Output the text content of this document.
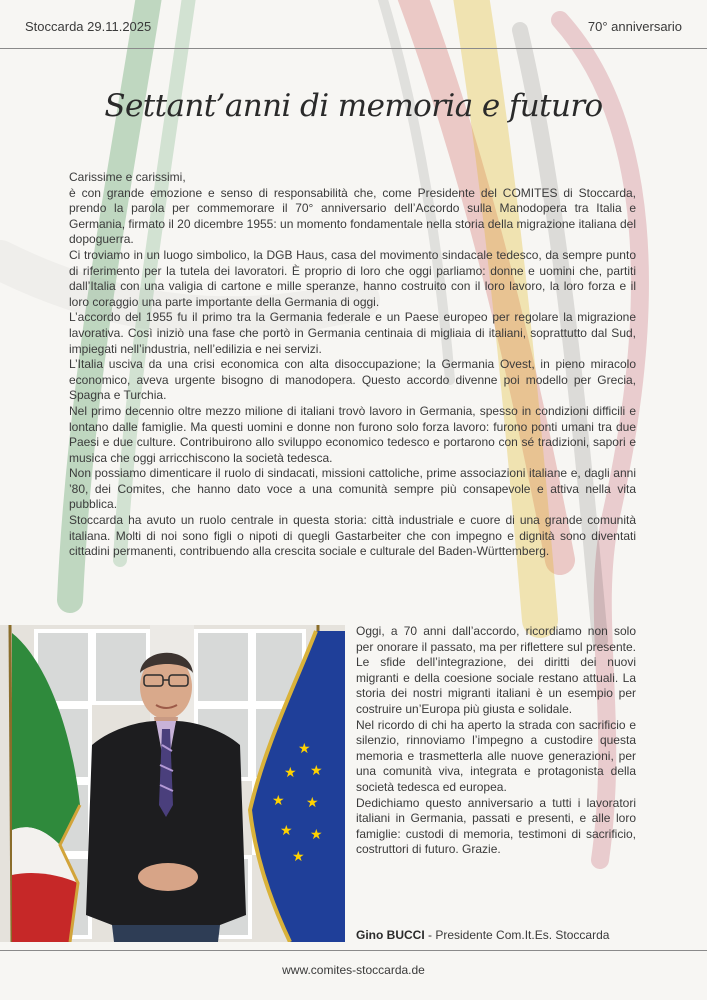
Stoccarda 29.11.2025	70° anniversario
Settant’anni di memoria e futuro

Carissime e carissimi,

è con grande emozione e senso di responsabilità che, come Presidente del COMITES di Stoccarda, prendo la parola per commemorare il 70° anniversario dell’Accordo sulla Manodopera tra Italia e Germania, firmato il 20 dicembre 1955: un momento fondamentale nella storia della migrazione italiana del dopoguerra.

Ci troviamo in un luogo simbolico, la DGB Haus, casa del movimento sindacale tedesco, da sempre punto di riferimento per la tutela dei lavoratori. È proprio di loro che oggi parliamo: donne e uomini che, partiti dall’Italia con una valigia di cartone e mille speranze, hanno costruito con il loro lavoro, la loro forza e il loro coraggio una parte importante della Germania di oggi.

L’accordo del 1955 fu il primo tra la Germania federale e un Paese europeo per regolare la migrazione lavorativa. Così iniziò una fase che portò in Germania centinaia di migliaia di italiani, soprattutto dal Sud, impiegati nell’industria, nell’edilizia e nei servizi.

L’Italia usciva da una crisi economica con alta disoccupazione; la Germania Ovest, in pieno miracolo economico, aveva urgente bisogno di manodopera. Questo accordo divenne poi modello per Grecia, Spagna e Turchia.

Nel primo decennio oltre mezzo milione di italiani trovò lavoro in Germania, spesso in condizioni difficili e lontano dalle famiglie. Ma questi uomini e donne non furono solo forza lavoro: furono ponti umani tra due Paesi e due culture. Contribuirono allo sviluppo economico tedesco e portarono con sé tradizioni, sapori e musica che oggi arricchiscono la società tedesca.

Non possiamo dimenticare il ruolo di sindacati, missioni cattoliche, prime associazioni italiane e, dagli anni ’80, dei Comites, che hanno dato voce a una comunità sempre più consapevole e attiva nella vita pubblica.

Stoccarda ha avuto un ruolo centrale in questa storia: città industriale e cuore di una grande comunità italiana. Molti di noi sono figli o nipoti di quegli Gastarbeiter che con impegno e dignità sono diventati cittadini permanenti, contribuendo alla crescita sociale e culturale del Baden-Württemberg.

★
★ ★
★ ★
★ ★
★

Oggi, a 70 anni dall’accordo, ricordiamo non solo per onorare il passato, ma per riflettere sul presente. Le sfide dell’integrazione, dei diritti dei nuovi migranti e della coesione sociale restano attuali. La storia dei nostri migranti italiani è un esempio per costruire un’Europa più giusta e solidale.

Nel ricordo di chi ha aperto la strada con sacrificio e silenzio, rinnoviamo l’impegno a custodire questa memoria e trasmetterla alle nuove generazioni, per una comunità viva, integrata e protagonista della società tedesca ed europea.

Dedichiamo questo anniversario a tutti i lavoratori italiani in Germania, passati e presenti, e alle loro famiglie: custodi di memoria, testimoni di sacrificio, costruttori di futuro. Grazie.

Gino BUCCI - Presidente Com.It.Es. Stoccarda
www.comites-stoccarda.de
